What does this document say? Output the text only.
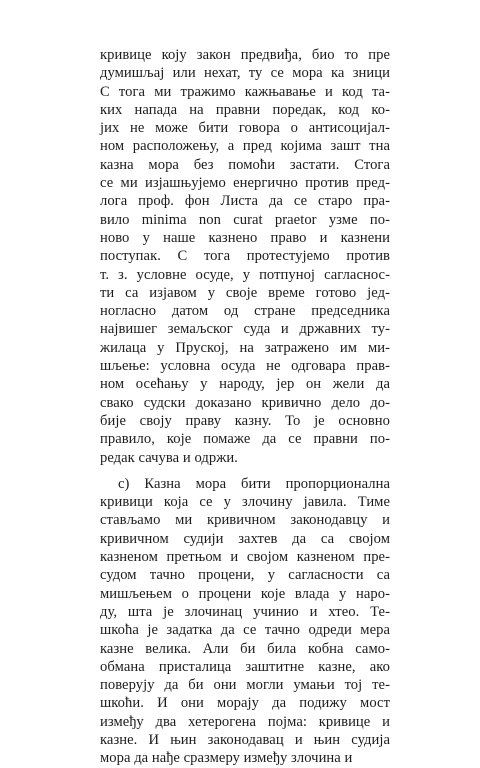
кривице коју закон предвиђа, био то пре
думишљај или нехат, ту се мора ка зници
С тога ми тражимо кажњавање и код та-
ких напада на правни поредак, код ко-
јих не може бити говора о антисоцијал-
ном расположењу, а пред којима зашт тна
казна мора без помоћи застати. Стога
се ми изјашњујемо енергично против пред-
лога проф. фон Листа да се старо пра-
вило minima non curat praetor узме по-
ново у наше казнено право и казнени
поступак. С тога протестујемо против
т. з. условне осуде, у потпуној сагласнос-
ти са изјавом у своје време готово јед-
ногласно датом од стране председника
највишег земаљског суда и државних ту-
жилаца у Пруској, на затражено им ми-
шљење: условна осуда не одговара прав-
ном осећању у народу, јер он жели да
свако судски доказано кривично дело до-
бије своју праву казну. То је основно
правило, које помаже да се правни по-
редак сачува и одржи.
c) Казна мора бити пропорционална
кривици која се у злочину јавила. Тиме
стављамо ми кривичном законодавцу и
кривичном судији захтев да са својом
казненом претњом и својом казненом пре-
судом тачно процени, у сагласности са
мишљењем о процени које влада у наро-
ду, шта је злочинац учинио и хтео. Те-
шкоћа је задатка да се тачно одреди мера
казне велика. Али би била кобна само-
обмана присталица заштитне казне, ако
поверују да би они могли умањи тој те-
шкоћи. И они морају да подижу мост
између два хетерогена појма: кривице и
казне. И њин законодавац и њин судија
мора да нађе сразмеру између злочина и
